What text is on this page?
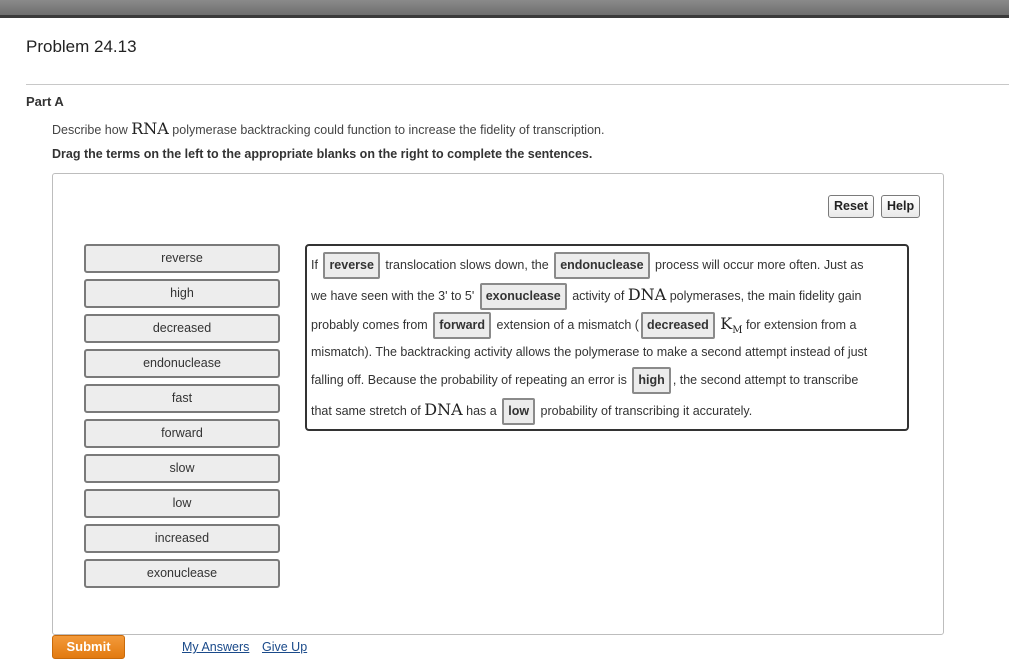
Problem 24.13
Part A
Describe how RNA polymerase backtracking could function to increase the fidelity of transcription.
Drag the terms on the left to the appropriate blanks on the right to complete the sentences.
Reset	Help
reverse
high
decreased
endonuclease
fast
forward
slow
low
increased
exonuclease
If reverse translocation slows down, the endonuclease process will occur more often. Just as
we have seen with the 3' to 5' exonuclease activity of DNA polymerases, the main fidelity gain
probably comes from forward extension of a mismatch ( decreased $K_M$ for extension from a
mismatch). The backtracking activity allows the polymerase to make a second attempt instead of just
falling off. Because the probability of repeating an error is high , the second attempt to transcribe
that same stretch of DNA has a low probability of transcribing it accurately.
Submit	My Answers Give Up
